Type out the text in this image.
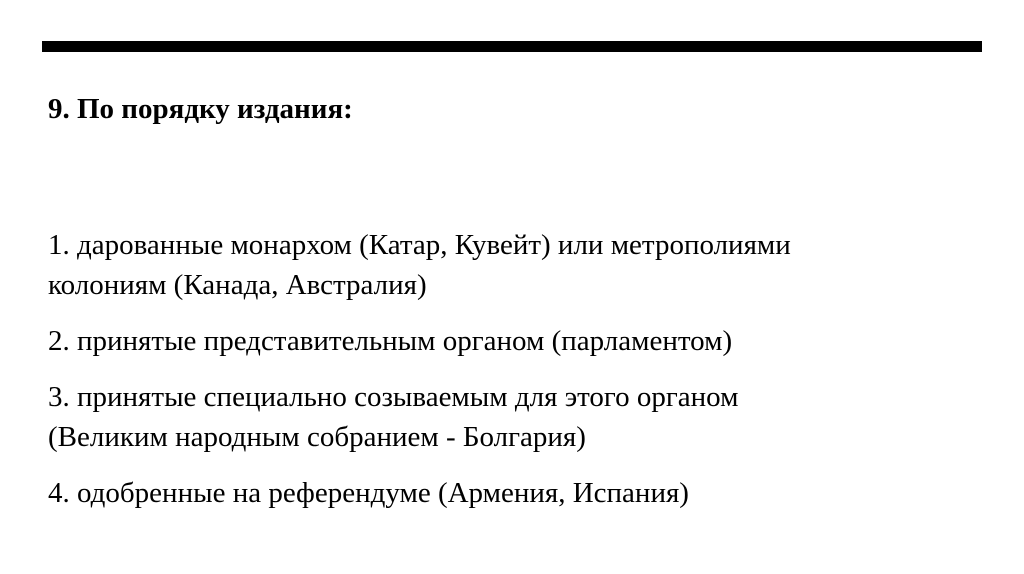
9. По порядку издания:
1. дарованные монархом (Катар, Кувейт) или метрополиями
колониям (Канада, Австралия)
2. принятые представительным органом (парламентом)
3. принятые специально созываемым для этого органом
(Великим народным собранием - Болгария)
4. одобренные на референдуме (Армения, Испания)
